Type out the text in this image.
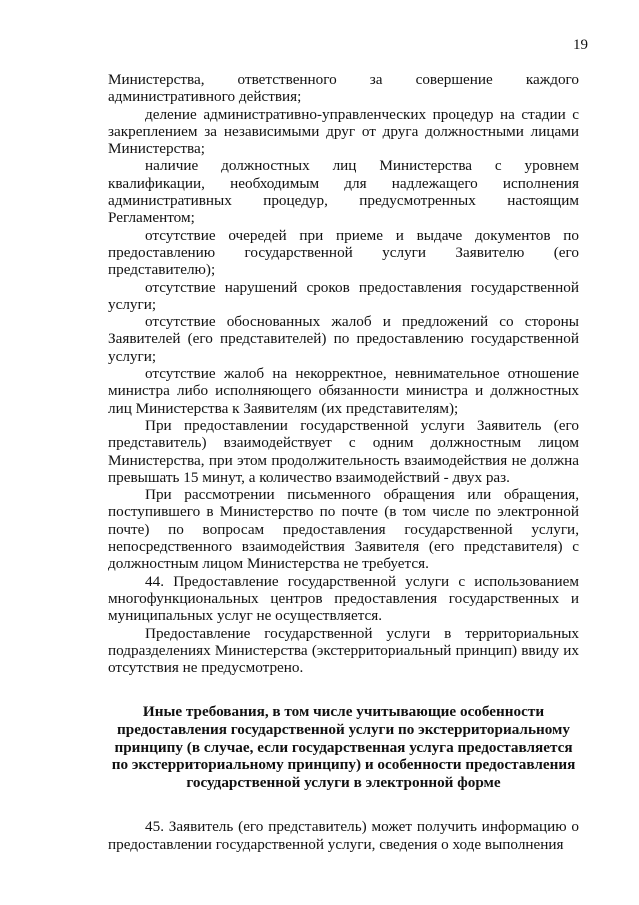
19

Министерства, ответственного за совершение каждого административного действия;

деление административно-управленческих процедур на стадии с закреплением за независимыми друг от друга должностными лицами Министерства;

наличие должностных лиц Министерства с уровнем квалификации, необходимым для надлежащего исполнения административных процедур, предусмотренных настоящим Регламентом;

отсутствие очередей при приеме и выдаче документов по предоставлению государственной услуги Заявителю (его представителю);

отсутствие нарушений сроков предоставления государственной услуги;

отсутствие обоснованных жалоб и предложений со стороны Заявителей (его представителей) по предоставлению государственной услуги;

отсутствие жалоб на некорректное, невнимательное отношение министра либо исполняющего обязанности министра и должностных лиц Министерства к Заявителям (их представителям);

При предоставлении государственной услуги Заявитель (его представитель) взаимодействует с одним должностным лицом Министерства, при этом продолжительность взаимодействия не должна превышать 15 минут, а количество взаимодействий - двух раз.

При рассмотрении письменного обращения или обращения, поступившего в Министерство по почте (в том числе по электронной почте) по вопросам предоставления государственной услуги, непосредственного взаимодействия Заявителя (его представителя) с должностным лицом Министерства не требуется.

44. Предоставление государственной услуги с использованием многофункциональных центров предоставления государственных и муниципальных услуг не осуществляется.

Предоставление государственной услуги в территориальных подразделениях Министерства (экстерриториальный принцип) ввиду их отсутствия не предусмотрено.

Иные требования, в том числе учитывающие особенности предоставления государственной услуги по экстерриториальному принципу (в случае, если государственная услуга предоставляется по экстерриториальному принципу) и особенности предоставления государственной услуги в электронной форме

45. Заявитель (его представитель) может получить информацию о предоставлении государственной услуги, сведения о ходе выполнения
